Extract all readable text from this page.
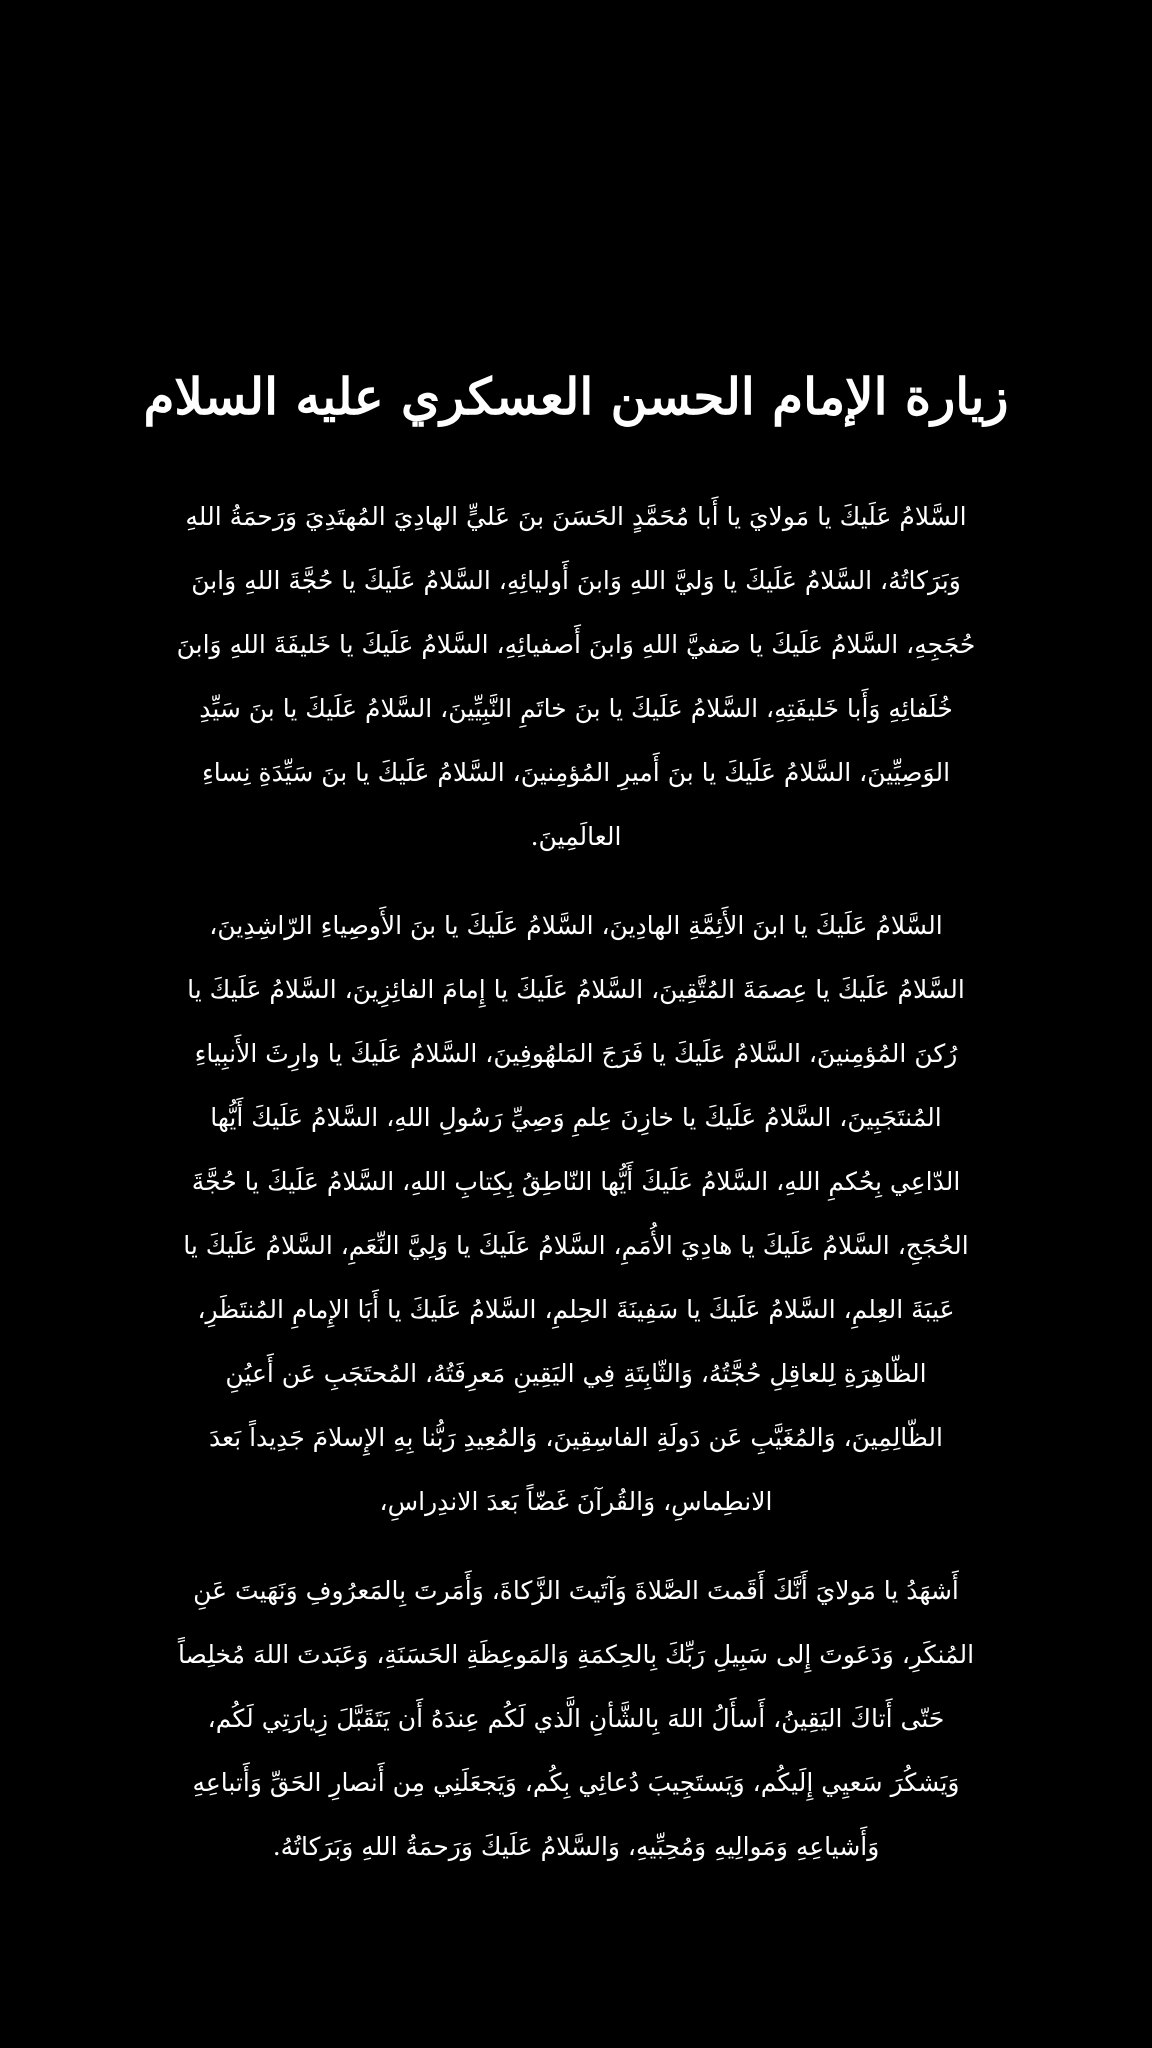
زيارة الإمام الحسن العسكري عليه السلام

السَّلامُ عَلَيكَ يا مَولايَ يا أَبا مُحَمَّدٍ الحَسَنَ بنَ عَليٍّ الهادِيَ المُهتَدِيَ وَرَحمَةُ اللهِ وَبَرَكاتُهُ، السَّلامُ عَلَيكَ يا وَليَّ اللهِ وَابنَ أَوليائِهِ، السَّلامُ عَلَيكَ يا حُجَّةَ اللهِ وَابنَ حُجَجِهِ، السَّلامُ عَلَيكَ يا صَفيَّ اللهِ وَابنَ أَصفيائِهِ، السَّلامُ عَلَيكَ يا خَليفَةَ اللهِ وَابنَ خُلَفائِهِ وَأَبا خَليفَتِهِ، السَّلامُ عَلَيكَ يا بنَ خاتَمِ النَّبِيِّينَ، السَّلامُ عَلَيكَ يا بنَ سَيِّدِ الوَصِيِّينَ، السَّلامُ عَلَيكَ يا بنَ أَميرِ المُؤمِنينَ، السَّلامُ عَلَيكَ يا بنَ سَيِّدَةِ نِساءِ العالَمِينَ.

السَّلامُ عَلَيكَ يا ابنَ الأَئِمَّةِ الهادِينَ، السَّلامُ عَلَيكَ يا بنَ الأَوصِياءِ الرّاشِدِينَ، السَّلامُ عَلَيكَ يا عِصمَةَ المُتَّقِينَ، السَّلامُ عَلَيكَ يا إِمامَ الفائِزِينَ، السَّلامُ عَلَيكَ يا رُكنَ المُؤمِنينَ، السَّلامُ عَلَيكَ يا فَرَجَ المَلهُوفِينَ، السَّلامُ عَلَيكَ يا وارِثَ الأَنبِياءِ المُنتَجَبِينَ، السَّلامُ عَلَيكَ يا خازِنَ عِلمِ وَصِيِّ رَسُولِ اللهِ، السَّلامُ عَلَيكَ أَيُّها الدّاعِي بِحُكمِ اللهِ، السَّلامُ عَلَيكَ أَيُّها النّاطِقُ بِكِتابِ اللهِ، السَّلامُ عَلَيكَ يا حُجَّةَ الحُجَجِ، السَّلامُ عَلَيكَ يا هادِيَ الأُمَمِ، السَّلامُ عَلَيكَ يا وَلِيَّ النِّعَمِ، السَّلامُ عَلَيكَ يا عَيبَةَ العِلمِ، السَّلامُ عَلَيكَ يا سَفِينَةَ الحِلمِ، السَّلامُ عَلَيكَ يا أَبَا الإِمامِ المُنتَظَرِ، الظّاهِرَةِ لِلعاقِلِ حُجَّتُهُ، وَالثّابِتَةِ فِي اليَقِينِ مَعرِفَتُهُ، المُحتَجَبِ عَن أَعيُنِ الظّالِمِينَ، وَالمُغَيَّبِ عَن دَولَةِ الفاسِقِينَ، وَالمُعِيدِ رَبُّنا بِهِ الإِسلامَ جَدِيداً بَعدَ الانطِماسِ، وَالقُرآنَ غَضّاً بَعدَ الاندِراسِ،

أَشهَدُ يا مَولايَ أَنَّكَ أَقَمتَ الصَّلاةَ وَآتَيتَ الزَّكاةَ، وَأَمَرتَ بِالمَعرُوفِ وَنَهَيتَ عَنِ المُنكَرِ، وَدَعَوتَ إِلى سَبِيلِ رَبِّكَ بِالحِكمَةِ وَالمَوعِظَةِ الحَسَنَةِ، وَعَبَدتَ اللهَ مُخلِصاً حَتّى أَتاكَ اليَقِينُ، أَسأَلُ اللهَ بِالشَّأنِ الَّذي لَكُم عِندَهُ أَن يَتَقَبَّلَ زِيارَتِي لَكُم، وَيَشكُرَ سَعيِي إِلَيكُم، وَيَستَجِيبَ دُعائِي بِكُم، وَيَجعَلَنِي مِن أَنصارِ الحَقِّ وَأَتباعِهِ وَأَشياعِهِ وَمَوالِيهِ وَمُحِبِّيهِ، وَالسَّلامُ عَلَيكَ وَرَحمَةُ اللهِ وَبَرَكاتُهُ.
